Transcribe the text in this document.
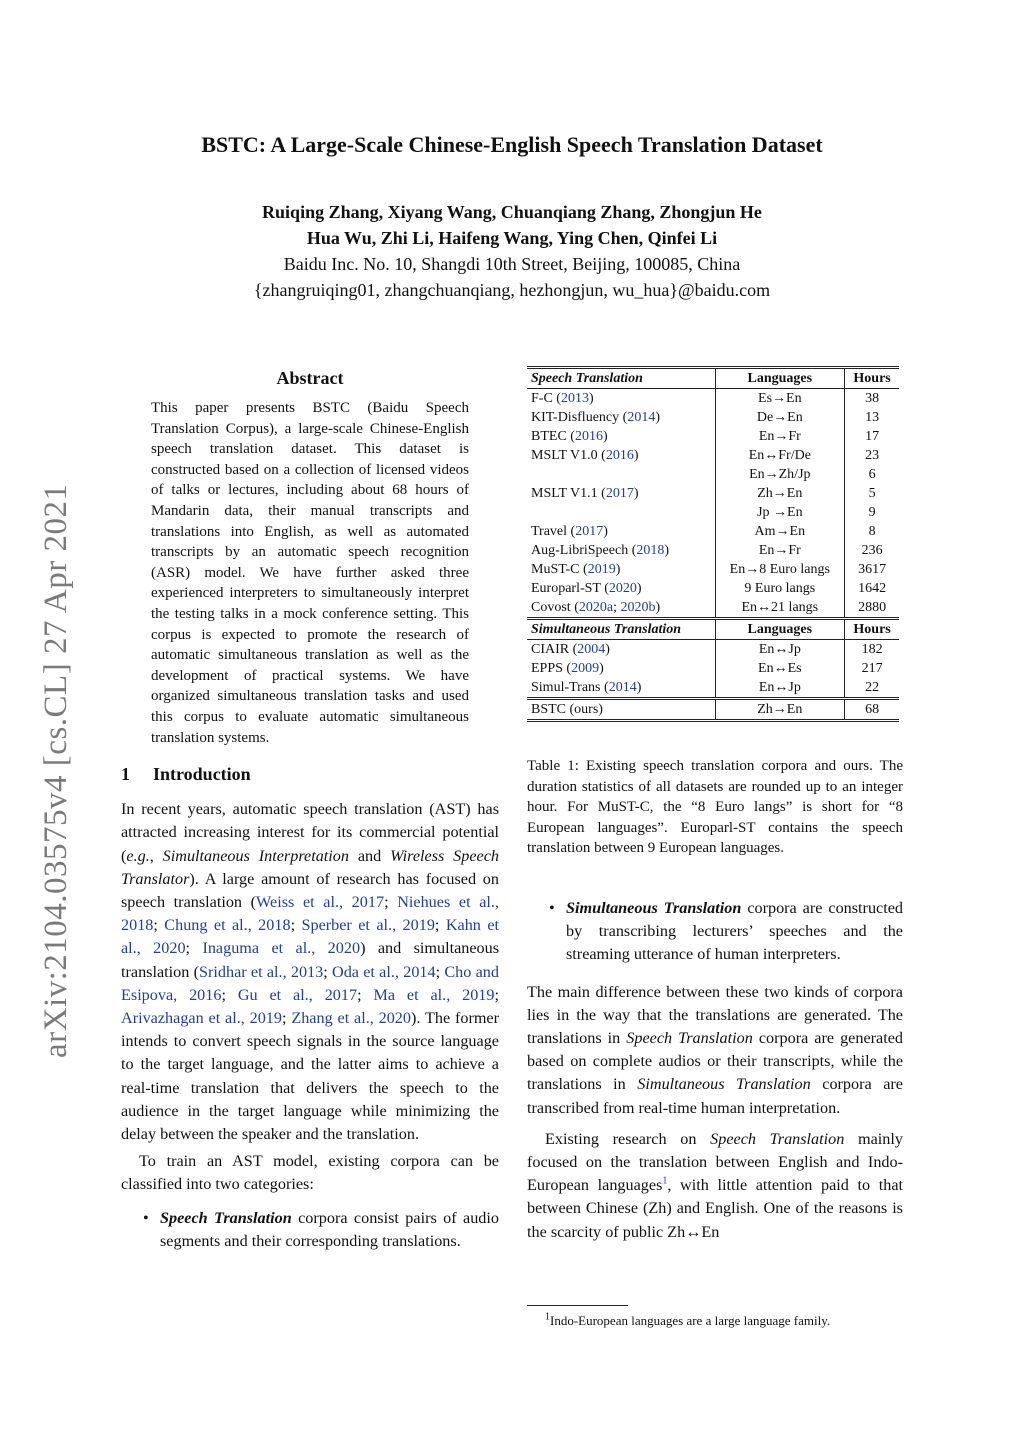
arXiv:2104.03575v4 [cs.CL] 27 Apr 2021
BSTC: A Large-Scale Chinese-English Speech Translation Dataset
Ruiqing Zhang, Xiyang Wang, Chuanqiang Zhang, Zhongjun He
Hua Wu, Zhi Li, Haifeng Wang, Ying Chen, Qinfei Li
Baidu Inc. No. 10, Shangdi 10th Street, Beijing, 100085, China
{zhangruiqing01, zhangchuanqiang, hezhongjun, wu_hua}@baidu.com
Abstract

This paper presents BSTC (Baidu Speech Translation Corpus), a large-scale Chinese-English speech translation dataset. This dataset is constructed based on a collection of licensed videos of talks or lectures, including about 68 hours of Mandarin data, their manual transcripts and translations into English, as well as automated transcripts by an automatic speech recognition (ASR) model. We have further asked three experienced interpreters to simultaneously interpret the testing talks in a mock conference setting. This corpus is expected to promote the research of automatic simultaneous translation as well as the development of practical systems. We have organized simultaneous translation tasks and used this corpus to evaluate automatic simultaneous translation systems.

1 Introduction

In recent years, automatic speech translation (AST) has attracted increasing interest for its commercial potential (e.g., Simultaneous Interpretation and Wireless Speech Translator). A large amount of research has focused on speech translation (Weiss et al., 2017; Niehues et al., 2018; Chung et al., 2018; Sperber et al., 2019; Kahn et al., 2020; Inaguma et al., 2020) and simultaneous translation (Sridhar et al., 2013; Oda et al., 2014; Cho and Esipova, 2016; Gu et al., 2017; Ma et al., 2019; Arivazhagan et al., 2019; Zhang et al., 2020). The former intends to convert speech signals in the source language to the target language, and the latter aims to achieve a real-time translation that delivers the speech to the audience in the target language while minimizing the delay between the speaker and the translation.

To train an AST model, existing corpora can be classified into two categories:

• Speech Translation corpora consist pairs of audio segments and their corresponding translations.
Speech Translation	Languages	Hours
F-C (2013)	Es→En	38
KIT-Disfluency (2014)	De→En	13
BTEC (2016)	En→Fr	17
MSLT V1.0 (2016)	En↔Fr/De	23
	En→Zh/Jp	6
MSLT V1.1 (2017)	Zh→En	5
	Jp →En	9
Travel (2017)	Am→En	8
Aug-LibriSpeech (2018)	En→Fr	236
MuST-C (2019)	En→8 Euro langs	3617
Europarl-ST (2020)	9 Euro langs	1642
Covost (2020a; 2020b)	En↔21 langs	2880
Simultaneous Translation	Languages	Hours
CIAIR (2004)	En↔Jp	182
EPPS (2009)	En↔Es	217
Simul-Trans (2014)	En↔Jp	22
BSTC (ours)	Zh→En	68

Table 1: Existing speech translation corpora and ours. The duration statistics of all datasets are rounded up to an integer hour. For MuST-C, the “8 Euro langs” is short for “8 European languages”. Europarl-ST contains the speech translation between 9 European languages.

• Simultaneous Translation corpora are constructed by transcribing lecturers’ speeches and the streaming utterance of human interpreters.

The main difference between these two kinds of corpora lies in the way that the translations are generated. The translations in Speech Translation corpora are generated based on complete audios or their transcripts, while the translations in Simultaneous Translation corpora are transcribed from real-time human interpretation.

Existing research on Speech Translation mainly focused on the translation between English and Indo-European languages$^1$, with little attention paid to that between Chinese (Zh) and English. One of the reasons is the scarcity of public Zh↔En

$^1$Indo-European languages are a large language family.
